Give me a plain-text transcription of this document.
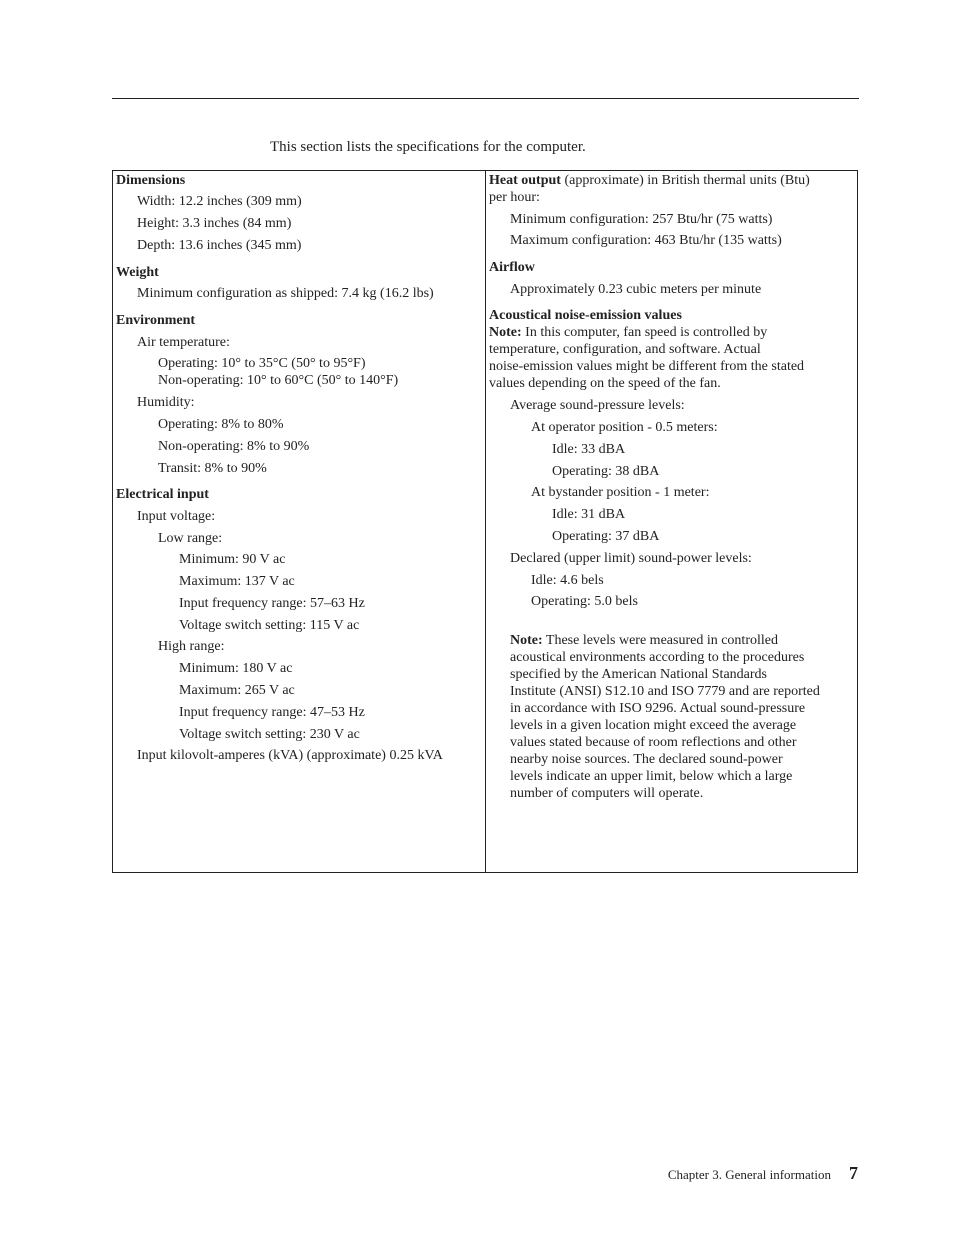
This section lists the specifications for the computer.
Dimensions
Width: 12.2 inches (309 mm)
Height: 3.3 inches (84 mm)
Depth: 13.6 inches (345 mm)
Weight
Minimum configuration as shipped: 7.4 kg (16.2 lbs)
Environment
Air temperature:
Operating: 10° to 35°C (50° to 95°F)
Non-operating: 10° to 60°C (50° to 140°F)
Humidity:
Operating: 8% to 80%
Non-operating: 8% to 90%
Transit: 8% to 90%
Electrical input
Input voltage:
Low range:
Minimum: 90 V ac
Maximum: 137 V ac
Input frequency range: 57–63 Hz
Voltage switch setting: 115 V ac
High range:
Minimum: 180 V ac
Maximum: 265 V ac
Input frequency range: 47–53 Hz
Voltage switch setting: 230 V ac
Input kilovolt-amperes (kVA) (approximate) 0.25 kVA
Heat output (approximate) in British thermal units (Btu)
per hour:
Minimum configuration: 257 Btu/hr (75 watts)
Maximum configuration: 463 Btu/hr (135 watts)
Airflow
Approximately 0.23 cubic meters per minute
Acoustical noise-emission values
Note: In this computer, fan speed is controlled by
temperature, configuration, and software. Actual
noise-emission values might be different from the stated
values depending on the speed of the fan.
Average sound-pressure levels:
At operator position - 0.5 meters:
Idle: 33 dBA
Operating: 38 dBA
At bystander position - 1 meter:
Idle: 31 dBA
Operating: 37 dBA
Declared (upper limit) sound-power levels:
Idle: 4.6 bels
Operating: 5.0 bels
Note: These levels were measured in controlled
acoustical environments according to the procedures
specified by the American National Standards
Institute (ANSI) S12.10 and ISO 7779 and are reported
in accordance with ISO 9296. Actual sound-pressure
levels in a given location might exceed the average
values stated because of room reflections and other
nearby noise sources. The declared sound-power
levels indicate an upper limit, below which a large
number of computers will operate.
Chapter 3. General information 7
